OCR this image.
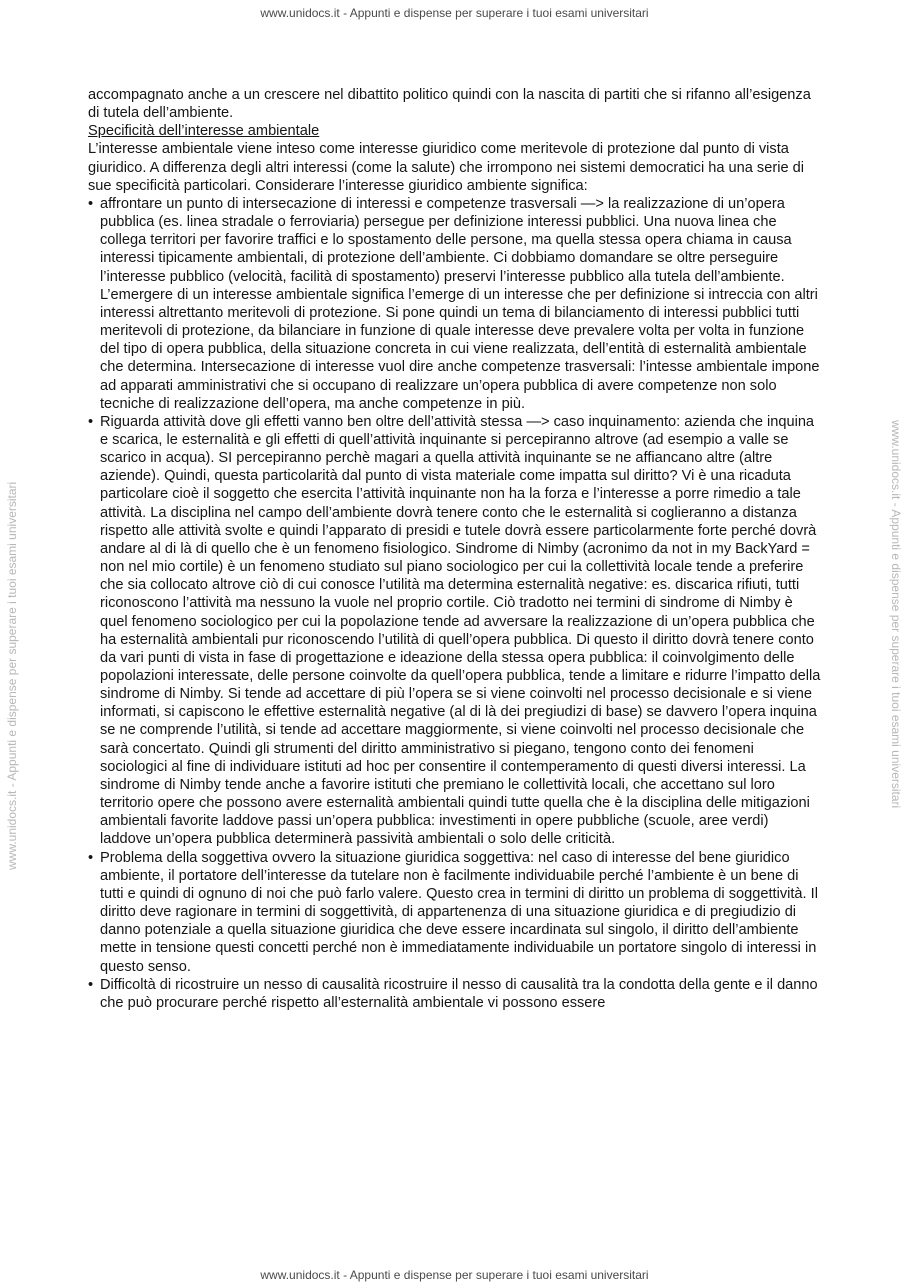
www.unidocs.it - Appunti e dispense per superare i tuoi esami universitari
www.unidocs.it - Appunti e dispense per superare i tuoi esami universitari	www.unidocs.it - Appunti e dispense per superare i tuoi esami universitari

accompagnato anche a un crescere nel dibattito politico quindi con la nascita di partiti che si rifanno all’esigenza di tutela dell’ambiente.

Specificità dell’interesse ambientale

L’interesse ambientale viene inteso come interesse giuridico come meritevole di protezione dal punto di vista giuridico. A differenza degli altri interessi (come la salute) che irrompono nei sistemi democratici ha una serie di sue specificità particolari. Considerare l’interesse giuridico ambiente significa:

• affrontare un punto di intersecazione di interessi e competenze trasversali —> la realizzazione di un’opera pubblica (es. linea stradale o ferroviaria) persegue per definizione interessi pubblici. Una nuova linea che collega territori per favorire traffici e lo spostamento delle persone, ma quella stessa opera chiama in causa interessi tipicamente ambientali, di protezione dell’ambiente. Ci dobbiamo domandare se oltre perseguire l’interesse pubblico (velocità, facilità di spostamento) preservi l’interesse pubblico alla tutela dell’ambiente. L’emergere di un interesse ambientale significa l’emerge di un interesse che per definizione si intreccia con altri interessi altrettanto meritevoli di protezione. Si pone quindi un tema di bilanciamento di interessi pubblici tutti meritevoli di protezione, da bilanciare in funzione di quale interesse deve prevalere volta per volta in funzione del tipo di opera pubblica, della situazione concreta in cui viene realizzata, dell’entità di esternalità ambientale che determina. Intersecazione di interesse vuol dire anche competenze trasversali: l’intesse ambientale impone ad apparati amministrativi che si occupano di realizzare un’opera pubblica di avere competenze non solo tecniche di realizzazione dell’opera, ma anche competenze in più.
• Riguarda attività dove gli effetti vanno ben oltre dell’attività stessa —> caso inquinamento: azienda che inquina e scarica, le esternalità e gli effetti di quell’attività inquinante si percepiranno altrove (ad esempio a valle se scarico in acqua). SI percepiranno perchè magari a quella attività inquinante se ne affiancano altre (altre aziende). Quindi, questa particolarità dal punto di vista materiale come impatta sul diritto? Vi è una ricaduta particolare cioè il soggetto che esercita l’attività inquinante non ha la forza e l’interesse a porre rimedio a tale attività. La disciplina nel campo dell’ambiente dovrà tenere conto che le esternalità si coglieranno a distanza rispetto alle attività svolte e quindi l’apparato di presidi e tutele dovrà essere particolarmente forte perché dovrà andare al di là di quello che è un fenomeno fisiologico. Sindrome di Nimby (acronimo da not in my BackYard = non nel mio cortile) è un fenomeno studiato sul piano sociologico per cui la collettività locale tende a preferire che sia collocato altrove ciò di cui conosce l’utilità ma determina esternalità negative: es. discarica rifiuti, tutti riconoscono l’attività ma nessuno la vuole nel proprio cortile. Ciò tradotto nei termini di sindrome di Nimby è quel fenomeno sociologico per cui la popolazione tende ad avversare la realizzazione di un’opera pubblica che ha esternalità ambientali pur riconoscendo l’utilità di quell’opera pubblica. Di questo il diritto dovrà tenere conto da vari punti di vista in fase di progettazione e ideazione della stessa opera pubblica: il coinvolgimento delle popolazioni interessate, delle persone coinvolte da quell’opera pubblica, tende a limitare e ridurre l’impatto della sindrome di Nimby. Si tende ad accettare di più l’opera se si viene coinvolti nel processo decisionale e si viene informati, si capiscono le effettive esternalità negative (al di là dei pregiudizi di base) se davvero l’opera inquina se ne comprende l’utilità, si tende ad accettare maggiormente, si viene coinvolti nel processo decisionale che sarà concertato. Quindi gli strumenti del diritto amministrativo si piegano, tengono conto dei fenomeni sociologici al fine di individuare istituti ad hoc per consentire il contemperamento di questi diversi interessi. La sindrome di Nimby tende anche a favorire istituti che premiano le collettività locali, che accettano sul loro territorio opere che possono avere esternalità ambientali quindi tutte quella che è la disciplina delle mitigazioni ambientali favorite laddove passi un’opera pubblica: investimenti in opere pubbliche (scuole, aree verdi) laddove un’opera pubblica determinerà passività ambientali o solo delle criticità.
• Problema della soggettiva ovvero la situazione giuridica soggettiva: nel caso di interesse del bene giuridico ambiente, il portatore dell’interesse da tutelare non è facilmente individuabile perché l’ambiente è un bene di tutti e quindi di ognuno di noi che può farlo valere. Questo crea in termini di diritto un problema di soggettività. Il diritto deve ragionare in termini di soggettività, di appartenenza di una situazione giuridica e di pregiudizio di danno potenziale a quella situazione giuridica che deve essere incardinata sul singolo, il diritto dell’ambiente mette in tensione questi concetti perché non è immediatamente individuabile un portatore singolo di interessi in questo senso.
• Difficoltà di ricostruire un nesso di causalità ricostruire il nesso di causalità tra la condotta della gente e il danno che può procurare perché rispetto all’esternalità ambientale vi possono essere
www.unidocs.it - Appunti e dispense per superare i tuoi esami universitari
